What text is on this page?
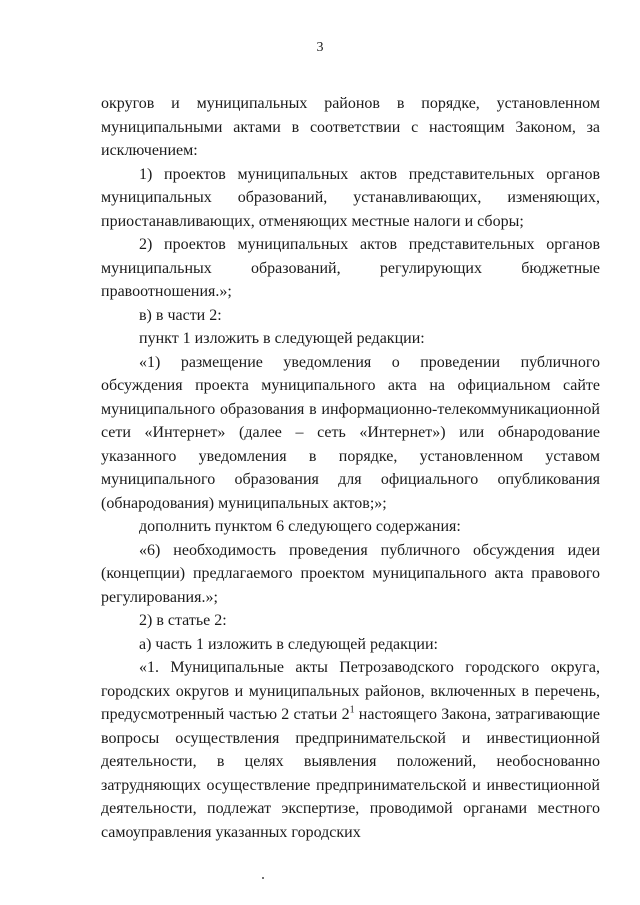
3

округов и муниципальных районов в порядке, установленном муниципальными актами в соответствии с настоящим Законом, за исключением:

1) проектов муниципальных актов представительных органов муниципальных образований, устанавливающих, изменяющих, приостанавливающих, отменяющих местные налоги и сборы;

2) проектов муниципальных актов представительных органов муниципальных образований, регулирующих бюджетные правоотношения.»;

в) в части 2:

пункт 1 изложить в следующей редакции:

«1) размещение уведомления о проведении публичного обсуждения проекта муниципального акта на официальном сайте муниципального образования в информационно-телекоммуникационной сети «Интернет» (далее – сеть «Интернет») или обнародование указанного уведомления в порядке, установленном уставом муниципального образования для официального опубликования (обнародования) муниципальных актов;»;

дополнить пунктом 6 следующего содержания:

«6) необходимость проведения публичного обсуждения идеи (концепции) предлагаемого проектом муниципального акта правового регулирования.»;

2) в статье 2:

а) часть 1 изложить в следующей редакции:

«1. Муниципальные акты Петрозаводского городского округа, городских округов и муниципальных районов, включенных в перечень, предусмотренный частью 2 статьи $2^1$ настоящего Закона, затрагивающие вопросы осуществления предпринимательской и инвестиционной деятельности, в целях выявления положений, необоснованно затрудняющих осуществление предпринимательской и инвестиционной деятельности, подлежат экспертизе, проводимой органами местного самоуправления указанных городских
